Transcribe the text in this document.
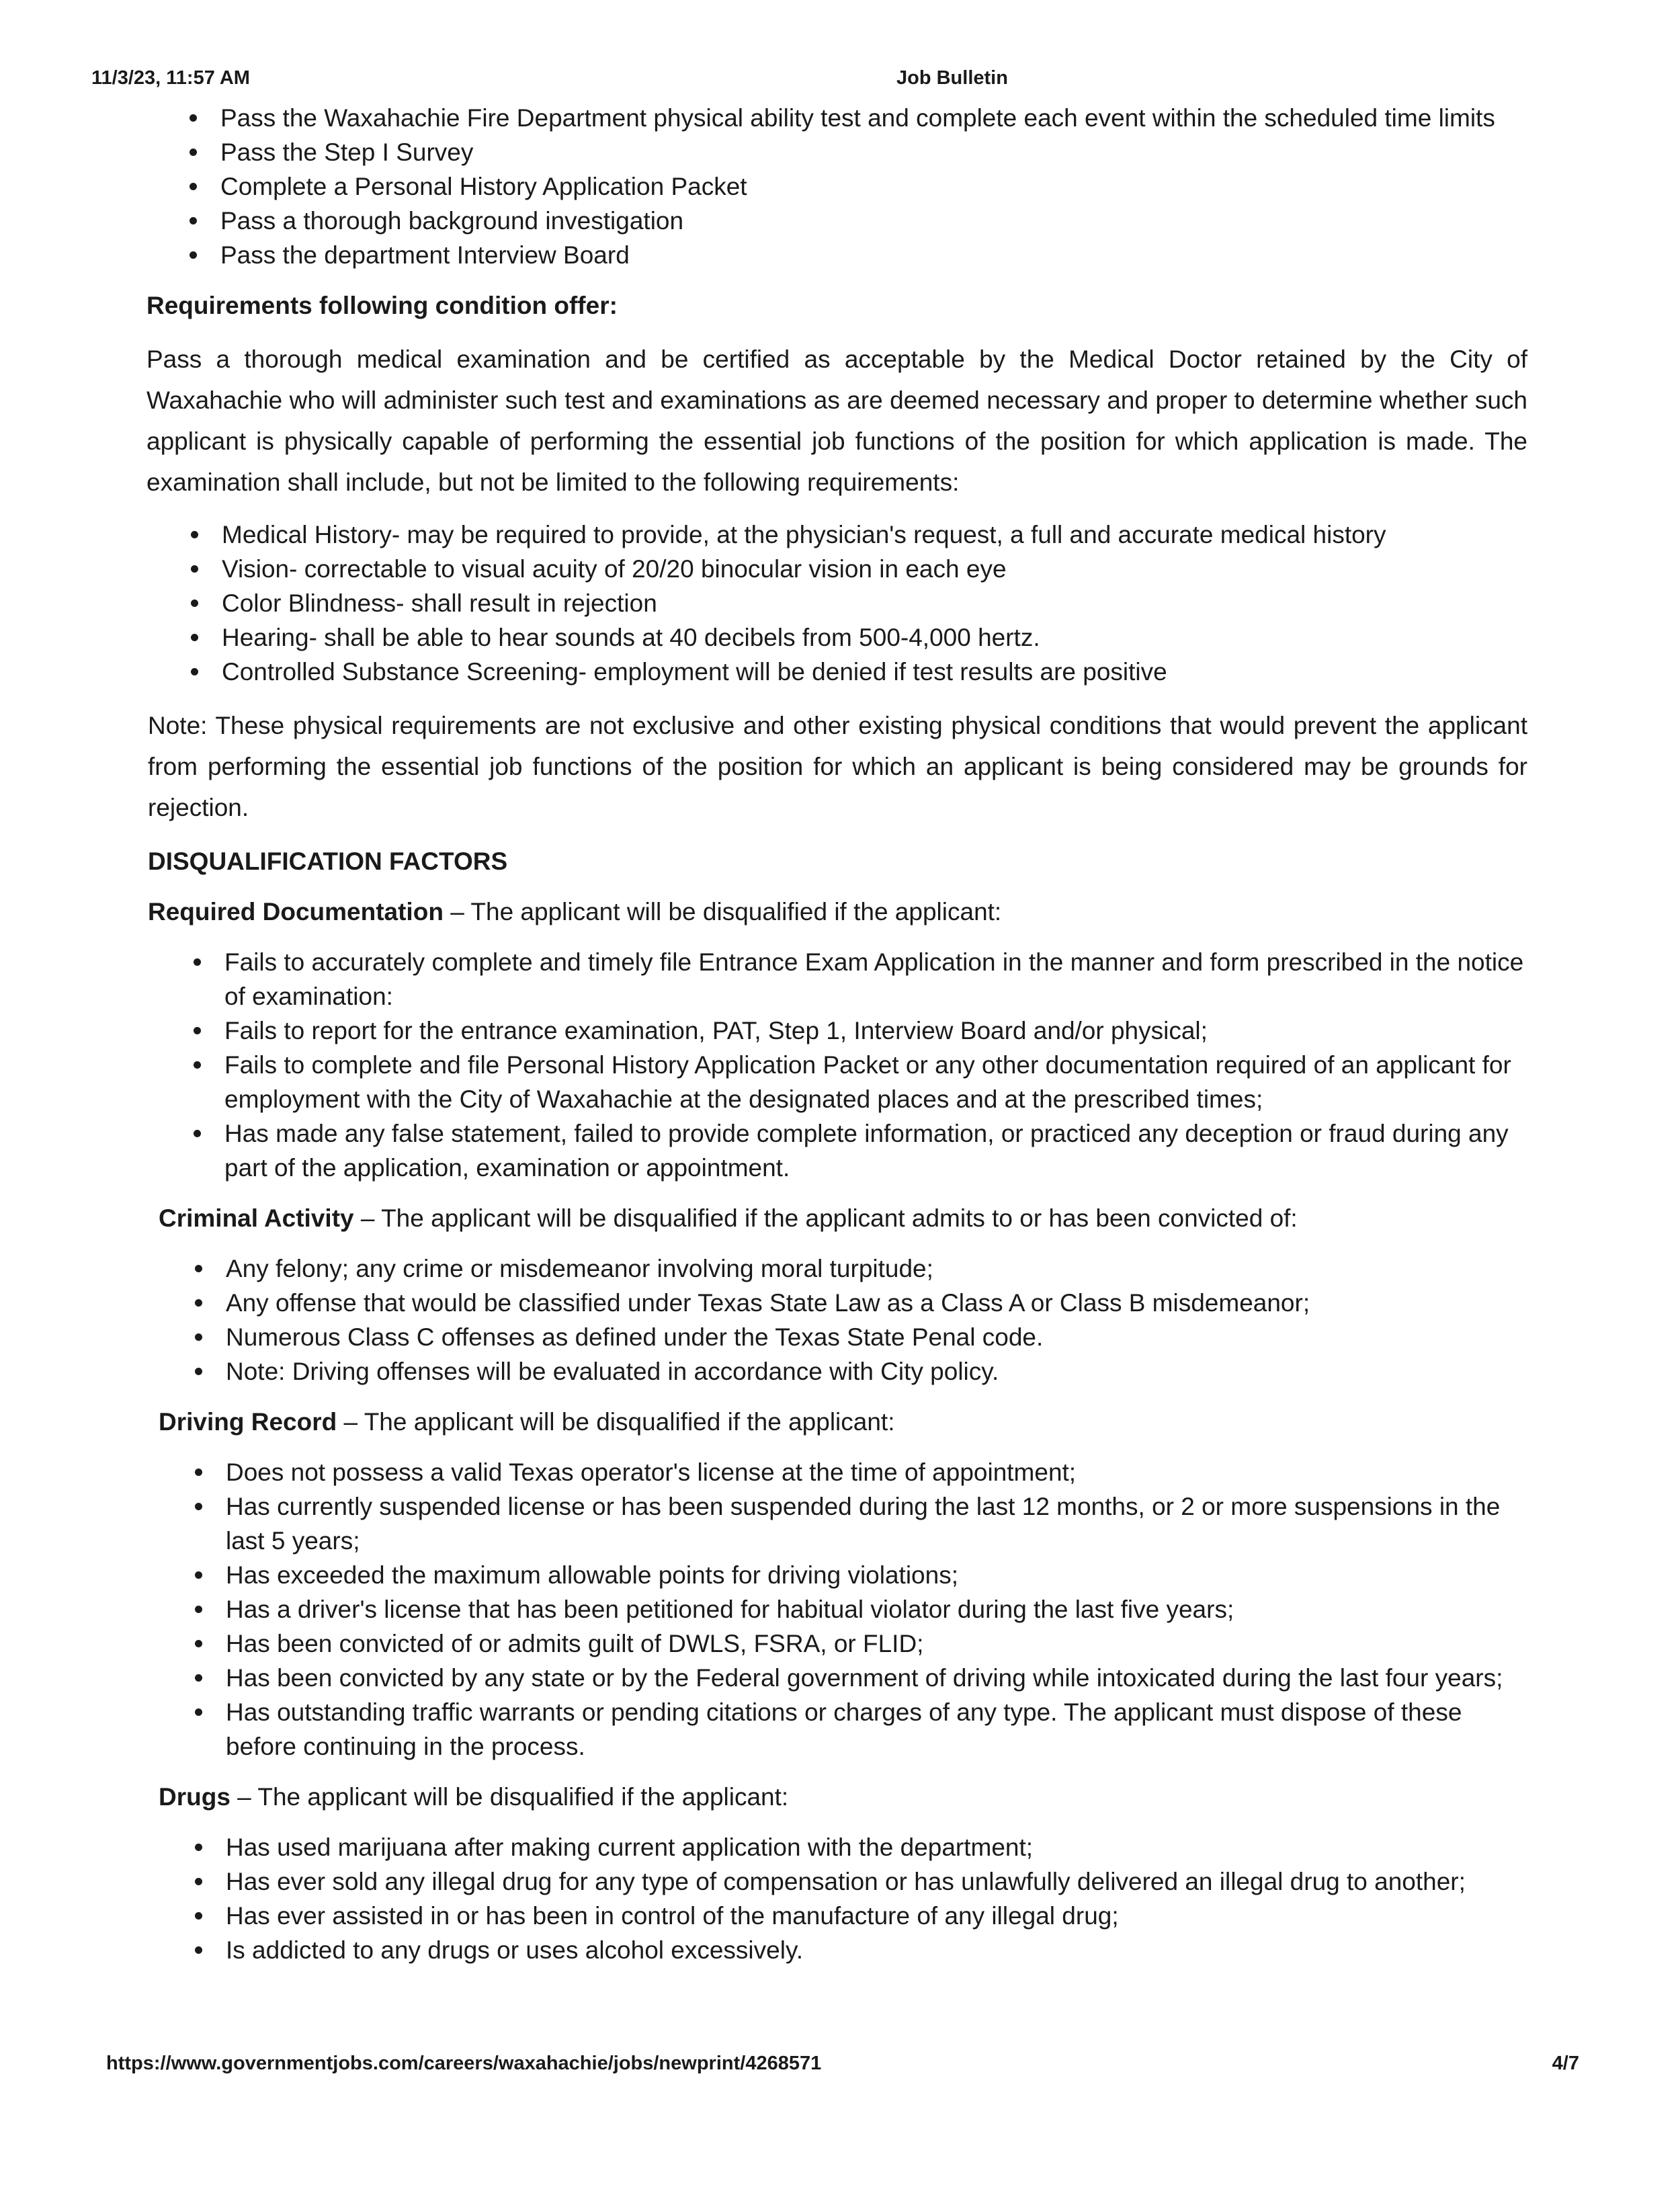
11/3/23, 11:57 AM	Job Bulletin
Pass the Waxahachie Fire Department physical ability test and complete each event within the scheduled time limits
Pass the Step I Survey
Complete a Personal History Application Packet
Pass a thorough background investigation
Pass the department Interview Board
Requirements following condition offer:
Pass a thorough medical examination and be certified as acceptable by the Medical Doctor retained by the City of Waxahachie who will administer such test and examinations as are deemed necessary and proper to determine whether such applicant is physically capable of performing the essential job functions of the position for which application is made. The examination shall include, but not be limited to the following requirements:
Medical History- may be required to provide, at the physician's request, a full and accurate medical history
Vision- correctable to visual acuity of 20/20 binocular vision in each eye
Color Blindness- shall result in rejection
Hearing- shall be able to hear sounds at 40 decibels from 500-4,000 hertz.
Controlled Substance Screening- employment will be denied if test results are positive
Note: These physical requirements are not exclusive and other existing physical conditions that would prevent the applicant from performing the essential job functions of the position for which an applicant is being considered may be grounds for rejection.
DISQUALIFICATION FACTORS
Required Documentation – The applicant will be disqualified if the applicant:
Fails to accurately complete and timely file Entrance Exam Application in the manner and form prescribed in the notice of examination:
Fails to report for the entrance examination, PAT, Step 1, Interview Board and/or physical;
Fails to complete and file Personal History Application Packet or any other documentation required of an applicant for employment with the City of Waxahachie at the designated places and at the prescribed times;
Has made any false statement, failed to provide complete information, or practiced any deception or fraud during any part of the application, examination or appointment.
Criminal Activity – The applicant will be disqualified if the applicant admits to or has been convicted of:
Any felony; any crime or misdemeanor involving moral turpitude;
Any offense that would be classified under Texas State Law as a Class A or Class B misdemeanor;
Numerous Class C offenses as defined under the Texas State Penal code.
Note: Driving offenses will be evaluated in accordance with City policy.
Driving Record – The applicant will be disqualified if the applicant:
Does not possess a valid Texas operator's license at the time of appointment;
Has currently suspended license or has been suspended during the last 12 months, or 2 or more suspensions in the last 5 years;
Has exceeded the maximum allowable points for driving violations;
Has a driver's license that has been petitioned for habitual violator during the last five years;
Has been convicted of or admits guilt of DWLS, FSRA, or FLID;
Has been convicted by any state or by the Federal government of driving while intoxicated during the last four years;
Has outstanding traffic warrants or pending citations or charges of any type. The applicant must dispose of these before continuing in the process.
Drugs – The applicant will be disqualified if the applicant:
Has used marijuana after making current application with the department;
Has ever sold any illegal drug for any type of compensation or has unlawfully delivered an illegal drug to another;
Has ever assisted in or has been in control of the manufacture of any illegal drug;
Is addicted to any drugs or uses alcohol excessively.
https://www.governmentjobs.com/careers/waxahachie/jobs/newprint/4268571	4/7
